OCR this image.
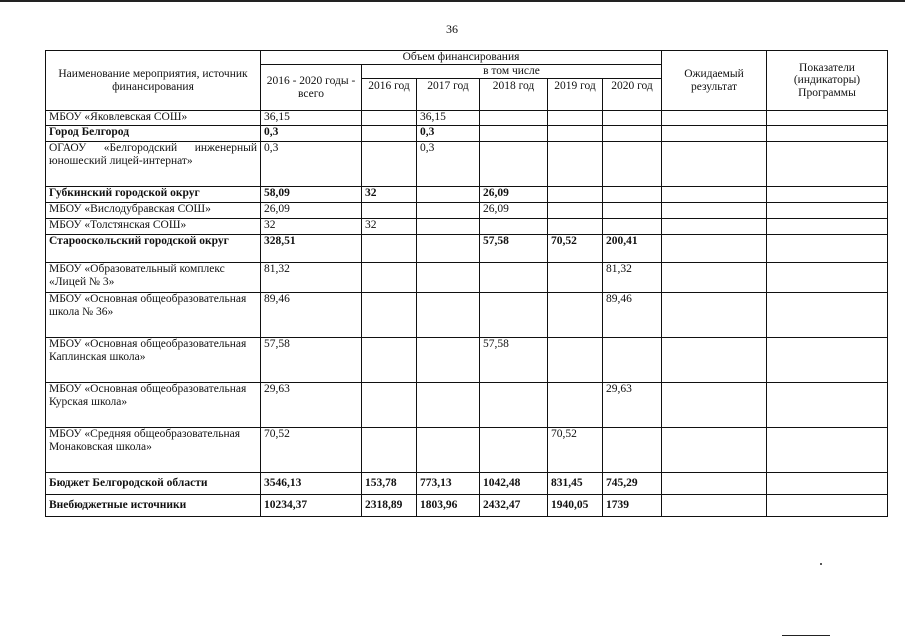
36
Наименование мероприятия, источник финансирования	Объем финансирования						Ожидаемый результат	Показатели (индикаторы) Программы
	2016 - 2020 годы - всего	в том числе						
		2016 год	2017 год	2018 год	2019 год	2020 год		
МБОУ «Яковлевская СОШ»	36,15		36,15					
Город Белгород	0,3		0,3					
ОГАОУ «Белгородский инженерный юношеский лицей-интернат»	0,3		0,3					
Губкинский городской округ	58,09	32		26,09				
МБОУ «Вислодубравская СОШ»	26,09			26,09				
МБОУ «Толстянская СОШ»	32	32						
Старооскольский городской округ	328,51			57,58	70,52	200,41		
МБОУ «Образовательный комплекс «Лицей № 3»	81,32					81,32		
МБОУ «Основная общеобразовательная школа № 36»	89,46					89,46		
МБОУ «Основная общеобразовательная Каплинская школа»	57,58			57,58				
МБОУ «Основная общеобразовательная Курская школа»	29,63					29,63		
МБОУ «Средняя общеобразовательная Монаковская школа»	70,52				70,52			
Бюджет Белгородской области	3546,13	153,78	773,13	1042,48	831,45	745,29		
Внебюджетные источники	10234,37	2318,89	1803,96	2432,47	1940,05	1739		
